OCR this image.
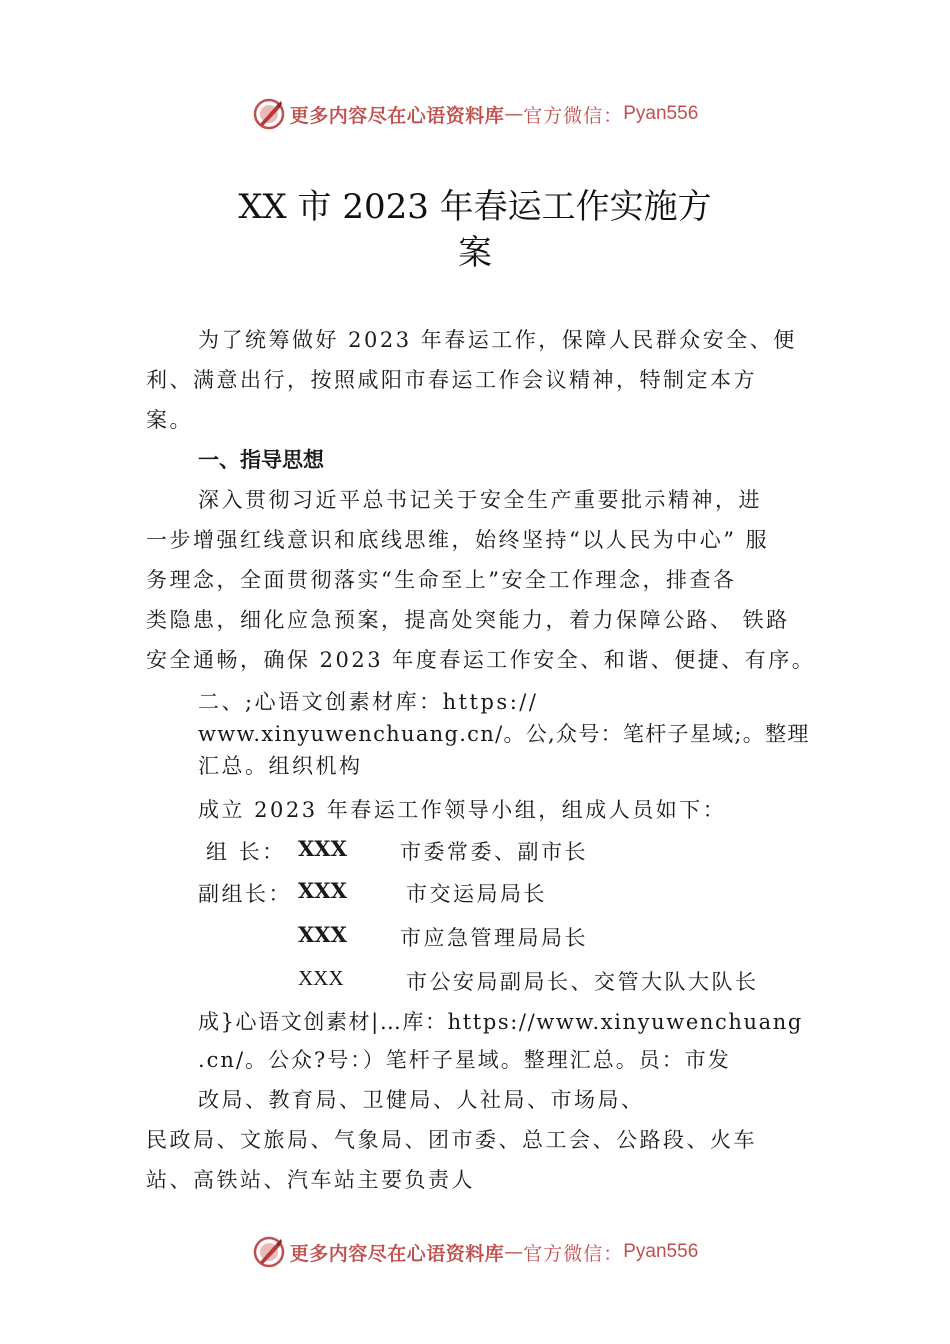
更多内容尽在心语资料库 — 官方微信： Pyan556
XX 市 2023 年春运工作实施方
案
为了统筹做好 2023 年春运工作，保障人民群众安全、便
利、满意出行，按照咸阳市春运工作会议精神，特制定本方
案。
一、指导思想
深入贯彻习近平总书记关于安全生产重要批示精神，进
一步增强红线意识和底线思维，始终坚持“以人民为中心” 服
务理念，全面贯彻落实“生命至上”安全工作理念，排查各
类隐患，细化应急预案，提高处突能力，着力保障公路、 铁路
安全通畅，确保 2023 年度春运工作安全、和谐、便捷、有序。
二、;心语文创素材库：https://
www.xinyuwenchuang.cn/。公,众号：笔杆子星域;。整理
汇总。组织机构
成立 2023 年春运工作领导小组，组成人员如下：
组 长： XXX	市委常委、副市长
副组长： XXX	市交运局局长
XXX	市应急管理局局长
XXX	市公安局副局长、交管大队大队长
成}心语文创素材|…库：https://www.xinyuwenchuang
.cn/。公众?号：）笔杆子星域。整理汇总。员：市发
改局、教育局、卫健局、人社局、市场局、
民政局、文旅局、气象局、团市委、总工会、公路段、火车
站、高铁站、汽车站主要负责人
更多内容尽在心语资料库 — 官方微信： Pyan556
